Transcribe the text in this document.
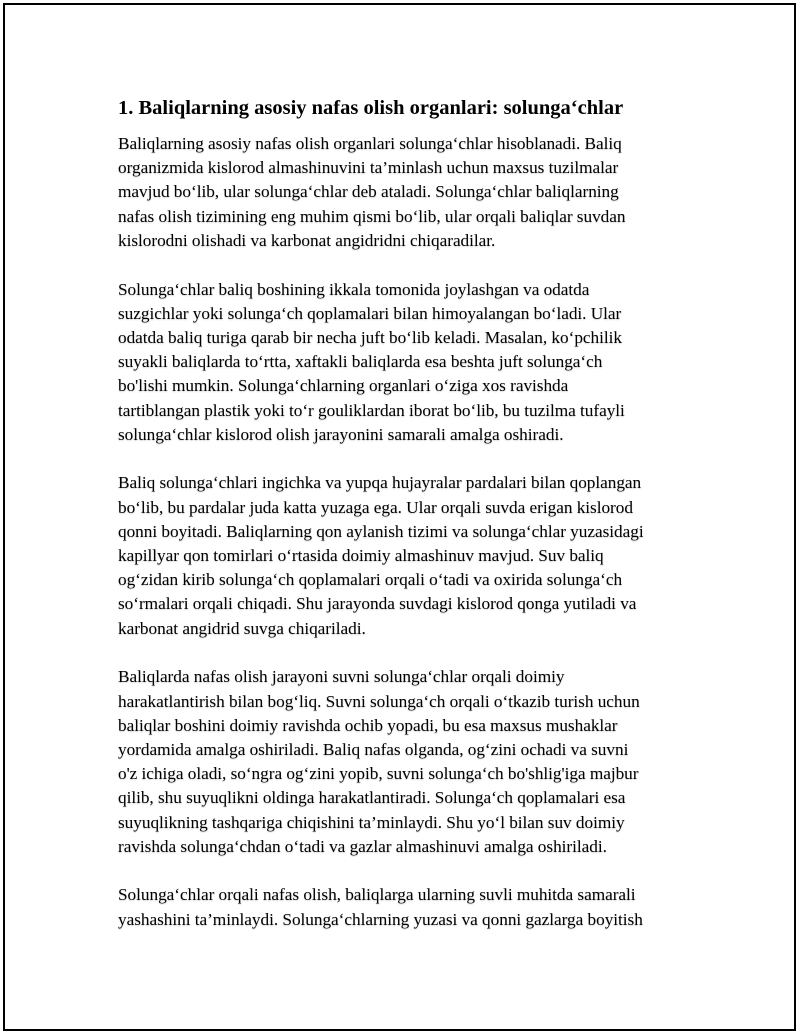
1. Baliqlarning asosiy nafas olish organlari: solunga‘chlar

Baliqlarning asosiy nafas olish organlari solunga‘chlar hisoblanadi. Baliq
organizmida kislorod almashinuvini ta’minlash uchun maxsus tuzilmalar
mavjud bo‘lib, ular solunga‘chlar deb ataladi. Solunga‘chlar baliqlarning
nafas olish tizimining eng muhim qismi bo‘lib, ular orqali baliqlar suvdan
kislorodni olishadi va karbonat angidridni chiqaradilar.

Solunga‘chlar baliq boshining ikkala tomonida joylashgan va odatda
suzgichlar yoki solunga‘ch qoplamalari bilan himoyalangan bo‘ladi. Ular
odatda baliq turiga qarab bir necha juft bo‘lib keladi. Masalan, ko‘pchilik
suyakli baliqlarda to‘rtta, xaftakli baliqlarda esa beshta juft solunga‘ch
bo'lishi mumkin. Solunga‘chlarning organlari o‘ziga xos ravishda
tartiblangan plastik yoki to‘r gouliklardan iborat bo‘lib, bu tuzilma tufayli
solunga‘chlar kislorod olish jarayonini samarali amalga oshiradi.

Baliq solunga‘chlari ingichka va yupqa hujayralar pardalari bilan qoplangan
bo‘lib, bu pardalar juda katta yuzaga ega. Ular orqali suvda erigan kislorod
qonni boyitadi. Baliqlarning qon aylanish tizimi va solunga‘chlar yuzasidagi
kapillyar qon tomirlari o‘rtasida doimiy almashinuv mavjud. Suv baliq
og‘zidan kirib solunga‘ch qoplamalari orqali o‘tadi va oxirida solunga‘ch
so‘rmalari orqali chiqadi. Shu jarayonda suvdagi kislorod qonga yutiladi va
karbonat angidrid suvga chiqariladi.

Baliqlarda nafas olish jarayoni suvni solunga‘chlar orqali doimiy
harakatlantirish bilan bog‘liq. Suvni solunga‘ch orqali o‘tkazib turish uchun
baliqlar boshini doimiy ravishda ochib yopadi, bu esa maxsus mushaklar
yordamida amalga oshiriladi. Baliq nafas olganda, og‘zini ochadi va suvni
o'z ichiga oladi, so‘ngra og‘zini yopib, suvni solunga‘ch bo'shlig'iga majbur
qilib, shu suyuqlikni oldinga harakatlantiradi. Solunga‘ch qoplamalari esa
suyuqlikning tashqariga chiqishini ta’minlaydi. Shu yo‘l bilan suv doimiy
ravishda solunga‘chdan o‘tadi va gazlar almashinuvi amalga oshiriladi.

Solunga‘chlar orqali nafas olish, baliqlarga ularning suvli muhitda samarali
yashashini ta’minlaydi. Solunga‘chlarning yuzasi va qonni gazlarga boyitish
